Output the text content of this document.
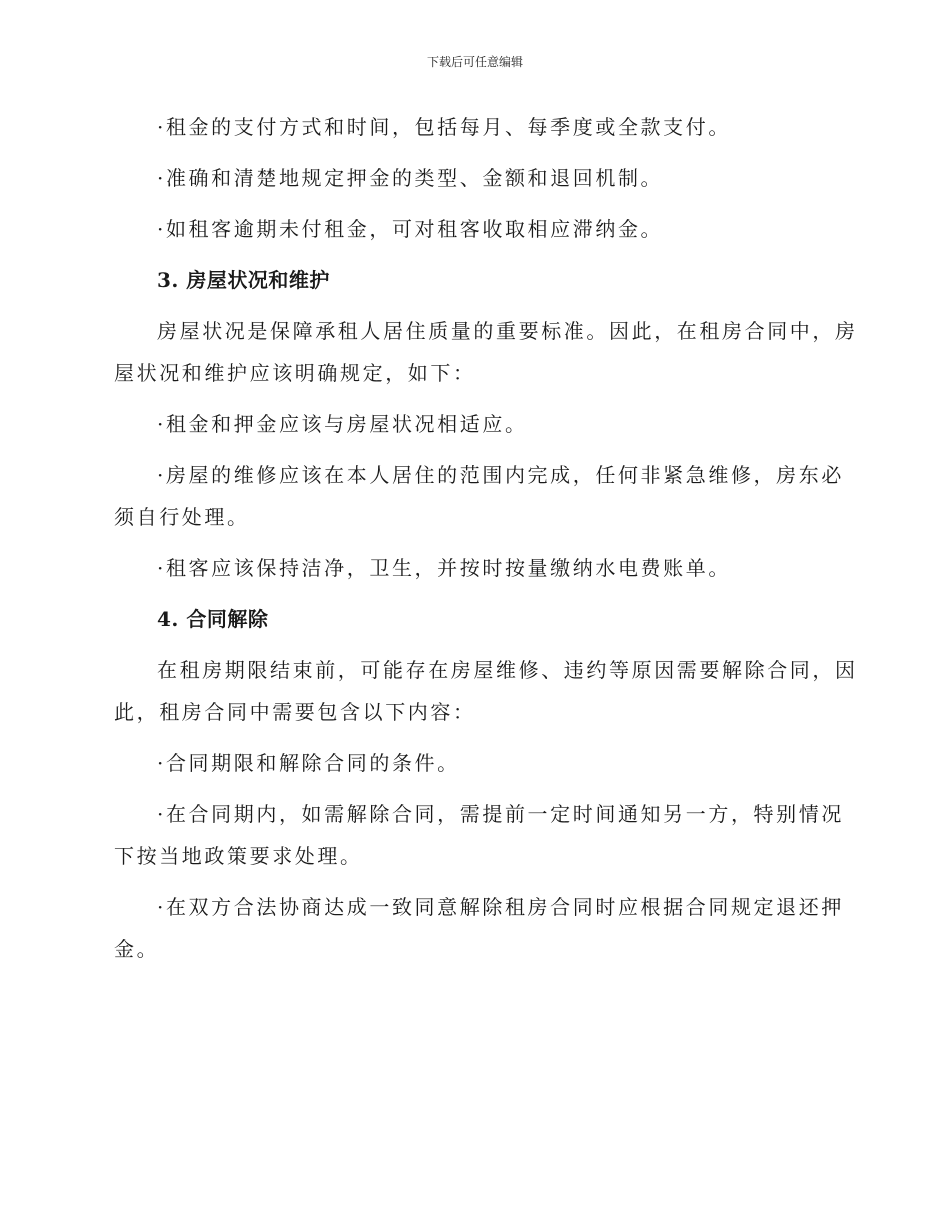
下载后可任意编辑

·租金的支付方式和时间，包括每月、每季度或全款支付。

·准确和清楚地规定押金的类型、金额和退回机制。

·如租客逾期未付租金，可对租客收取相应滞纳金。

3. 房屋状况和维护

房屋状况是保障承租人居住质量的重要标准。因此，在租房合同中，房
屋状况和维护应该明确规定，如下：

·租金和押金应该与房屋状况相适应。

·房屋的维修应该在本人居住的范围内完成，任何非紧急维修，房东必
须自行处理。

·租客应该保持洁净，卫生，并按时按量缴纳水电费账单。

4. 合同解除

在租房期限结束前，可能存在房屋维修、违约等原因需要解除合同，因
此，租房合同中需要包含以下内容：

·合同期限和解除合同的条件。

·在合同期内，如需解除合同，需提前一定时间通知另一方，特别情况
下按当地政策要求处理。

·在双方合法协商达成一致同意解除租房合同时应根据合同规定退还押
金。
